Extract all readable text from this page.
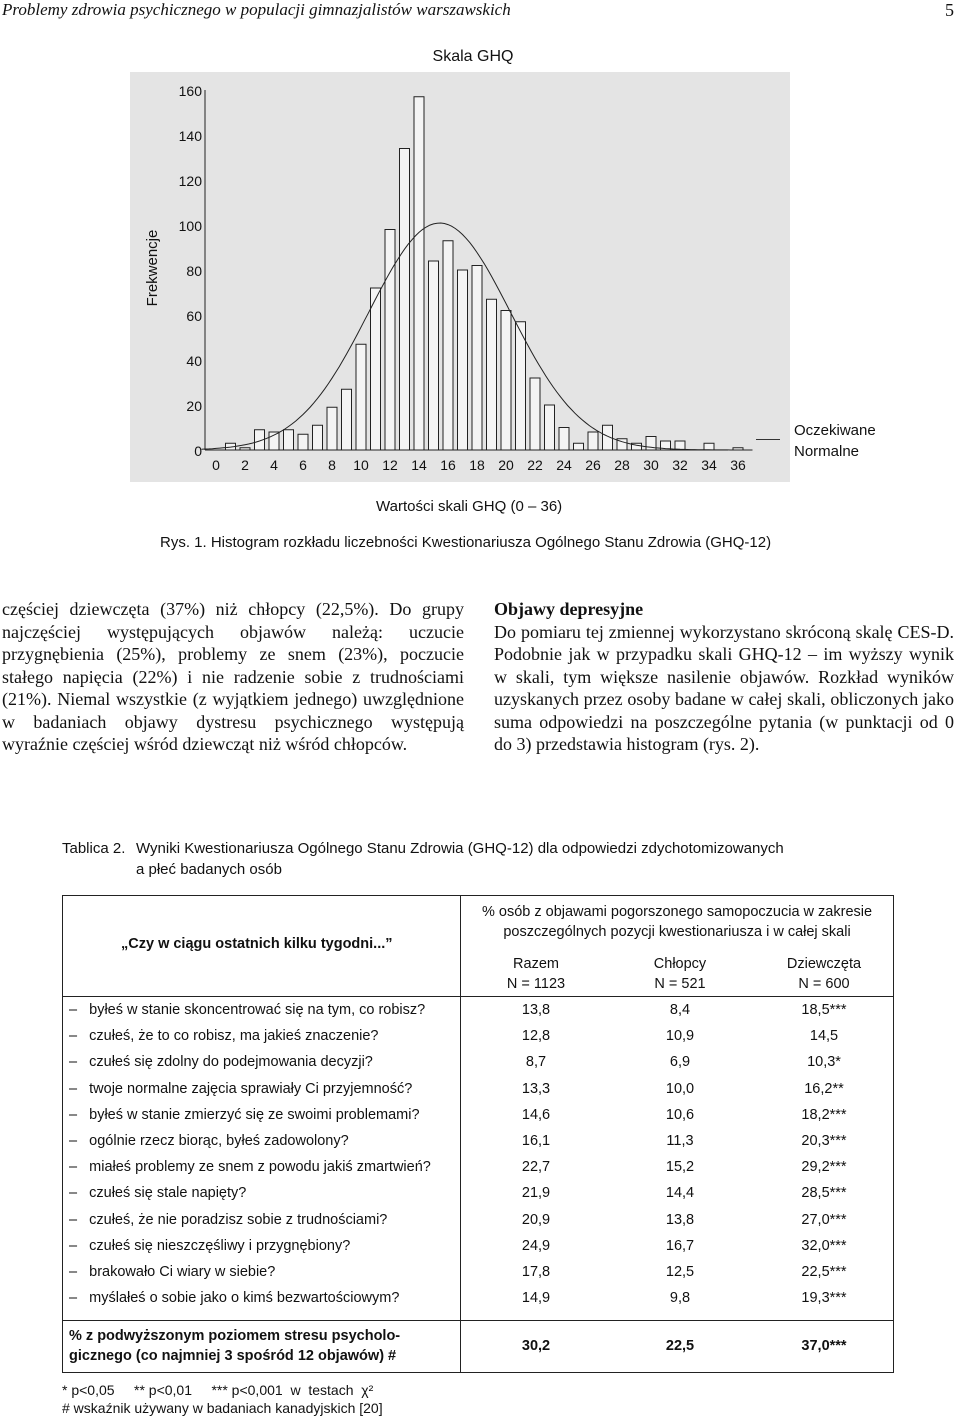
Problemy zdrowia psychicznego w populacji gimnazjalistów warszawskich	5
Skala GHQ
Frekwencje
0
20
40
60
80
100
120
140
160
0 2 4 6 8 10 12 14 16 18 20 22 24 26 28 30 32 34 36
Oczekiwane
Normalne
Wartości skali GHQ (0 – 36)
Rys. 1. Histogram rozkładu liczebności Kwestionariusza Ogólnego Stanu Zdrowia (GHQ-12)
częściej dziewczęta (37%) niż chłopcy (22,5%). Do grupy najczęściej występujących objawów należą: uczucie przygnębienia (25%), problemy ze snem (23%), poczucie stałego napięcia (22%) i nie radzenie sobie z trudnościami (21%). Niemal wszystkie (z wyjątkiem jednego) uwzględnione w badaniach objawy dystresu psychicznego występują wyraźnie częściej wśród dziewcząt niż wśród chłopców.
Objawy depresyjne
Do pomiaru tej zmiennej wykorzystano skróconą skalę CES-D. Podobnie jak w przypadku skali GHQ-12 – im wyższy wynik w skali, tym większe nasilenie objawów. Rozkład wyników uzyskanych przez osoby badane w całej skali, obliczonych jako suma odpowiedzi na poszczególne pytania (w punktacji od 0 do 3) przedstawia histogram (rys. 2).
Tablica 2. Wyniki Kwestionariusza Ogólnego Stanu Zdrowia (GHQ-12) dla odpowiedzi zdychotomizowanych
a płeć badanych osób
„Czy w ciągu ostatnich kilku tygodni...”
% osób z objawami pogorszonego samopoczucia w zakresie
poszczególnych pozycji kwestionariusza i w całej skali
Razem
N = 1123
Chłopcy
N = 521
Dziewczęta
N = 600
–   byłeś w stanie skoncentrować się na tym, co robisz?	13,8	8,4	18,5***
–   czułeś, że to co robisz, ma jakieś znaczenie?	12,8	10,9	14,5
–   czułeś się zdolny do podejmowania decyzji?	8,7	6,9	10,3*
–   twoje normalne zajęcia sprawiały Ci przyjemność?	13,3	10,0	16,2**
–   byłeś w stanie zmierzyć się ze swoimi problemami?	14,6	10,6	18,2***
–   ogólnie rzecz biorąc, byłeś zadowolony?	16,1	11,3	20,3***
–   miałeś problemy ze snem z powodu jakiś zmartwień?	22,7	15,2	29,2***
–   czułeś się stale napięty?	21,9	14,4	28,5***
–   czułeś, że nie poradzisz sobie z trudnościami?	20,9	13,8	27,0***
–   czułeś się nieszczęśliwy i przygnębiony?	24,9	16,7	32,0***
–   brakowało Ci wiary w siebie?	17,8	12,5	22,5***
–   myślałeś o sobie jako o kimś bezwartościowym?	14,9	9,8	19,3***
% z podwyższonym poziomem stresu psycholo-
gicznego (co najmniej 3 spośród 12 objawów) #
30,2	22,5	37,0***
* p<0,05     ** p<0,01     *** p<0,001  w  testach  χ²
# wskaźnik używany w badaniach kanadyjskich [20]
